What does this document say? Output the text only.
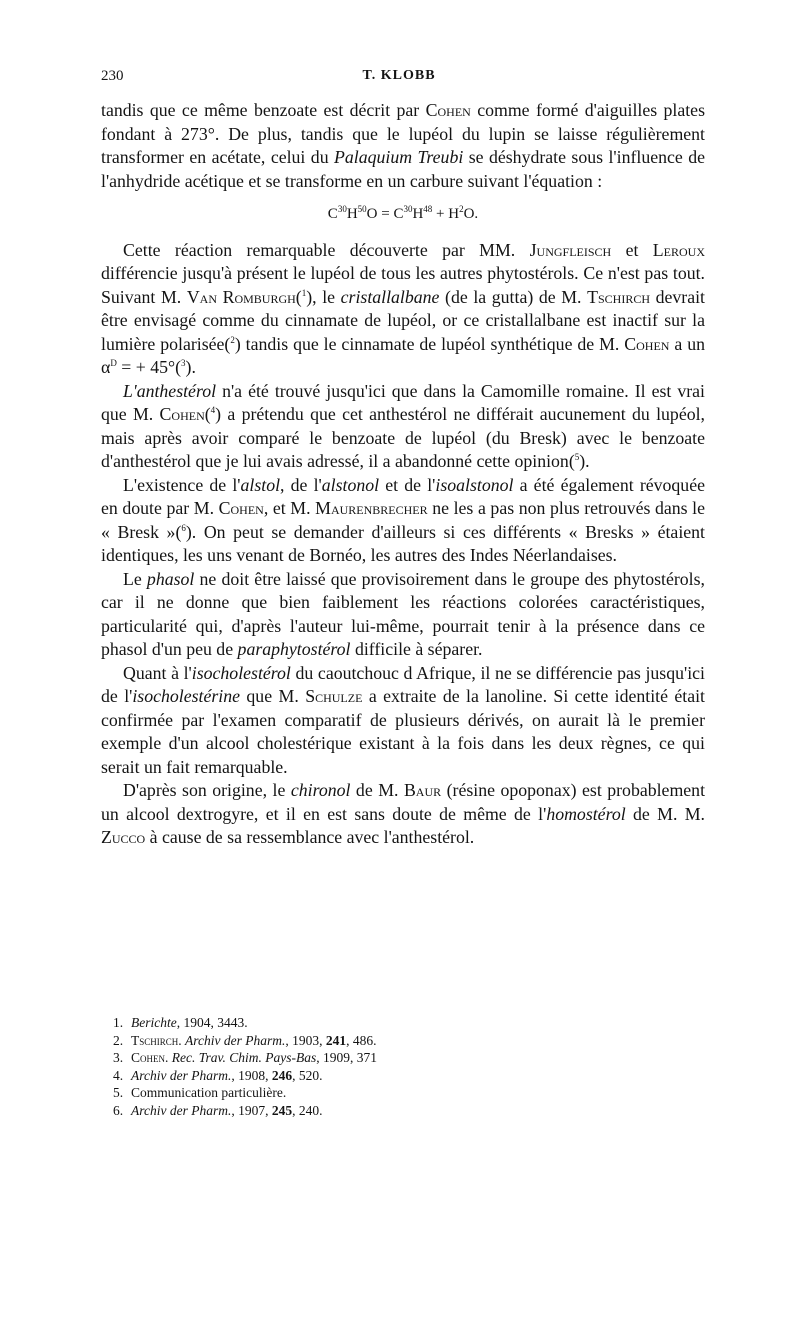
230	T. KLOBB

tandis que ce même benzoate est décrit par Cohen comme formé d'aiguilles plates fondant à 273°. De plus, tandis que le lupéol du lupin se laisse régulièrement transformer en acétate, celui du Palaquium Treubi se déshydrate sous l'influence de l'anhydride acétique et se transforme en un carbure suivant l'équation :

$C^{30}H^{50}O = C^{30}H^{48} + H^2O$.

Cette réaction remarquable découverte par MM. Jungfleisch et Leroux différencie jusqu'à présent le lupéol de tous les autres phytostérols. Ce n'est pas tout. Suivant M. Van Romburgh($^1$), le cristallalbane (de la gutta) de M. Tschirch devrait être envisagé comme du cinnamate de lupéol, or ce cristallalbane est inactif sur la lumière polarisée($^2$) tandis que le cinnamate de lupéol synthétique de M. Cohen a un $\alpha^D$ = + 45°($^3$).

L'anthestérol n'a été trouvé jusqu'ici que dans la Camomille romaine. Il est vrai que M. Cohen($^4$) a prétendu que cet anthestérol ne différait aucunement du lupéol, mais après avoir comparé le benzoate de lupéol (du Bresk) avec le benzoate d'anthestérol que je lui avais adressé, il a abandonné cette opinion($^5$).

L'existence de l'alstol, de l'alstonol et de l'isoalstonol a été également révoquée en doute par M. Cohen, et M. Maurenbrecher ne les a pas non plus retrouvés dans le « Bresk »($^6$). On peut se demander d'ailleurs si ces différents « Bresks » étaient identiques, les uns venant de Bornéo, les autres des Indes Néerlandaises.

Le phasol ne doit être laissé que provisoirement dans le groupe des phytostérols, car il ne donne que bien faiblement les réactions colorées caractéristiques, particularité qui, d'après l'auteur lui-même, pourrait tenir à la présence dans ce phasol d'un peu de paraphytostérol difficile à séparer.

Quant à l'isocholestérol du caoutchouc d Afrique, il ne se différencie pas jusqu'ici de l'isocholestérine que M. Schulze a extraite de la lanoline. Si cette identité était confirmée par l'examen comparatif de plusieurs dérivés, on aurait là le premier exemple d'un alcool cholestérique existant à la fois dans les deux règnes, ce qui serait un fait remarquable.

D'après son origine, le chironol de M. Baur (résine opoponax) est probablement un alcool dextrogyre, et il en est sans doute de même de l'homostérol de M. M. Zucco à cause de sa ressemblance avec l'anthestérol.

1. Berichte, 1904, 3443.
2. Tschirch. Archiv der Pharm., 1903, 241, 486.
3. Cohen. Rec. Trav. Chim. Pays-Bas, 1909, 371
4. Archiv der Pharm., 1908, 246, 520.
5. Communication particulière.
6. Archiv der Pharm., 1907, 245, 240.
